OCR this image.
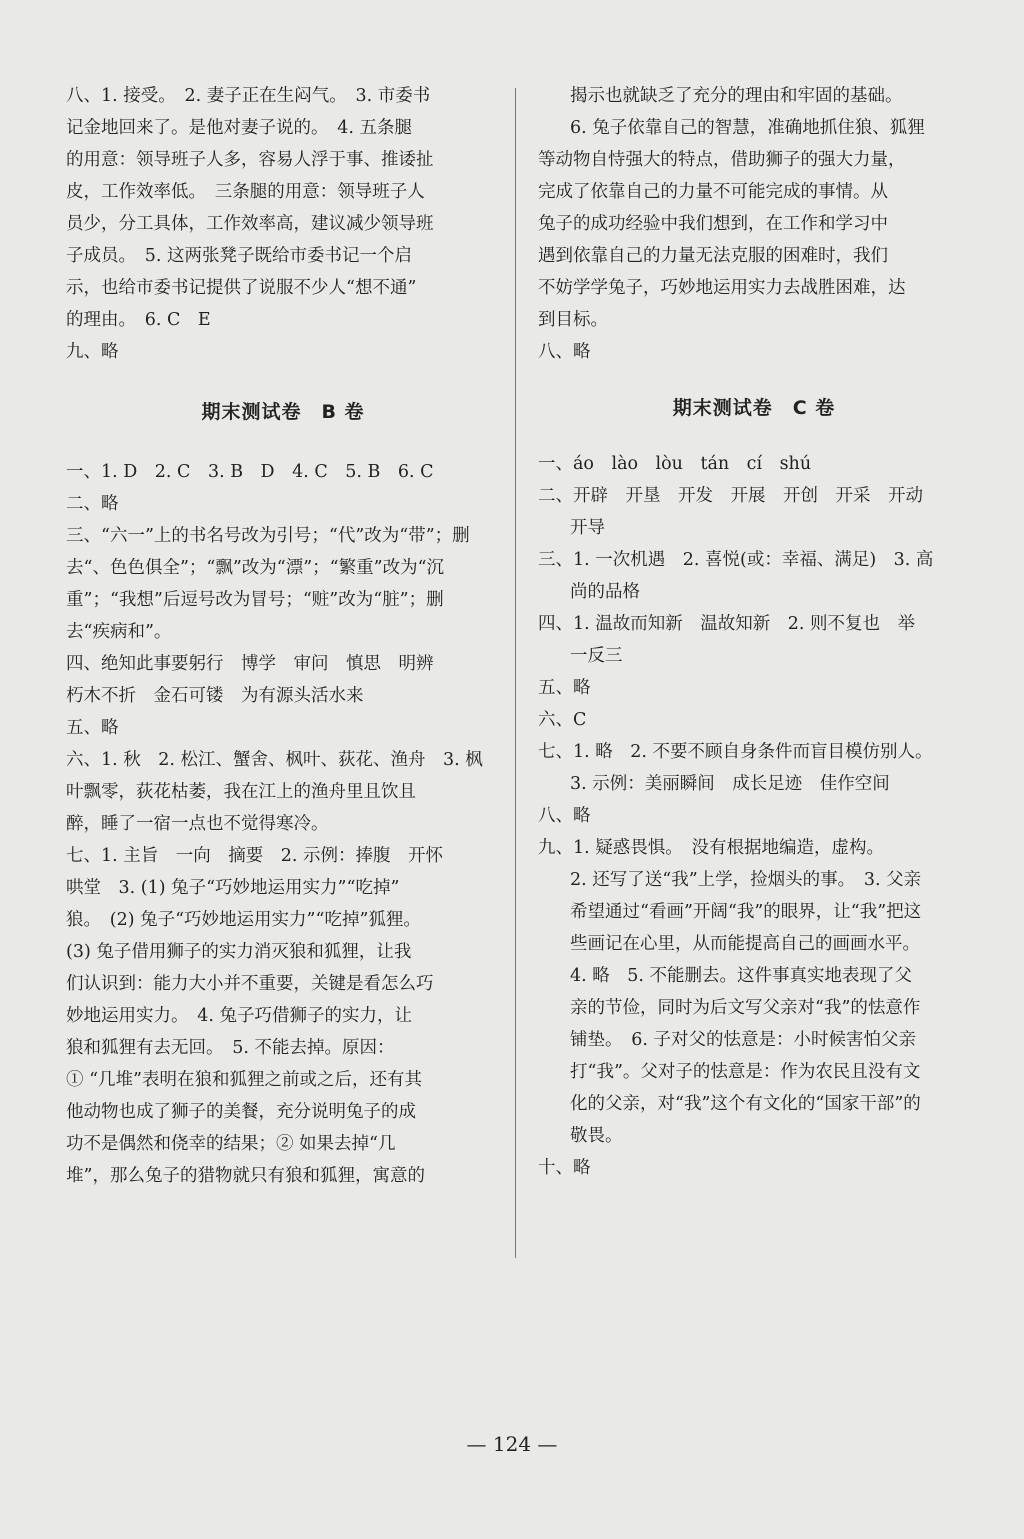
八、1. 接受。　2. 妻子正在生闷气。　3. 市委书
记金地回来了。是他对妻子说的。　4. 五条腿
的用意：领导班子人多，容易人浮于事、推诿扯
皮，工作效率低。　三条腿的用意：领导班子人
员少，分工具体，工作效率高，建议减少领导班
子成员。　5. 这两张凳子既给市委书记一个启
示，也给市委书记提供了说服不少人“想不通”
的理由。　6. C　E
九、略
期末测试卷　B 卷
一、1. D　2. C　3. B　D　4. C　5. B　6. C
二、略
三、“六一”上的书名号改为引号；“代”改为“带”；删
去“、色色俱全”；“飘”改为“漂”；“繁重”改为“沉
重”；“我想”后逗号改为冒号；“赃”改为“脏”；删
去“疾病和”。
四、绝知此事要躬行　博学　审问　慎思　明辨
朽木不折　金石可镂　为有源头活水来
五、略
六、1. 秋　2. 松江、蟹舍、枫叶、荻花、渔舟　3. 枫
叶飘零，荻花枯萎，我在江上的渔舟里且饮且
醉，睡了一宿一点也不觉得寒冷。
七、1. 主旨　一向　摘要　2. 示例：捧腹　开怀
哄堂　3. (1) 兔子“巧妙地运用实力”“吃掉”
狼。　(2) 兔子“巧妙地运用实力”“吃掉”狐狸。
(3) 兔子借用狮子的实力消灭狼和狐狸，让我
们认识到：能力大小并不重要，关键是看怎么巧
妙地运用实力。　4. 兔子巧借狮子的实力，让
狼和狐狸有去无回。　5. 不能去掉。原因：
① “几堆”表明在狼和狐狸之前或之后，还有其
他动物也成了狮子的美餐，充分说明兔子的成
功不是偶然和侥幸的结果；② 如果去掉“几
堆”，那么兔子的猎物就只有狼和狐狸，寓意的
揭示也就缺乏了充分的理由和牢固的基础。
6. 兔子依靠自己的智慧，准确地抓住狼、狐狸
等动物自恃强大的特点，借助狮子的强大力量，
完成了依靠自己的力量不可能完成的事情。从
兔子的成功经验中我们想到，在工作和学习中
遇到依靠自己的力量无法克服的困难时，我们
不妨学学兔子，巧妙地运用实力去战胜困难，达
到目标。
八、略
期末测试卷　C 卷
一、áo　lào　lòu　tán　cí　shú
二、开辟　开垦　开发　开展　开创　开采　开动
开导
三、1. 一次机遇　2. 喜悦(或：幸福、满足)　3. 高
尚的品格
四、1. 温故而知新　温故知新　2. 则不复也　举
一反三
五、略
六、C
七、1. 略　2. 不要不顾自身条件而盲目模仿别人。
3. 示例：美丽瞬间　成长足迹　佳作空间
八、略
九、1. 疑惑畏惧。　没有根据地编造，虚构。
2. 还写了送“我”上学，捡烟头的事。　3. 父亲
希望通过“看画”开阔“我”的眼界，让“我”把这
些画记在心里，从而能提高自己的画画水平。
4. 略　5. 不能删去。这件事真实地表现了父
亲的节俭，同时为后文写父亲对“我”的怯意作
铺垫。　6. 子对父的怯意是：小时候害怕父亲
打“我”。父对子的怯意是：作为农民且没有文
化的父亲，对“我”这个有文化的“国家干部”的
敬畏。
十、略
— 124 —
